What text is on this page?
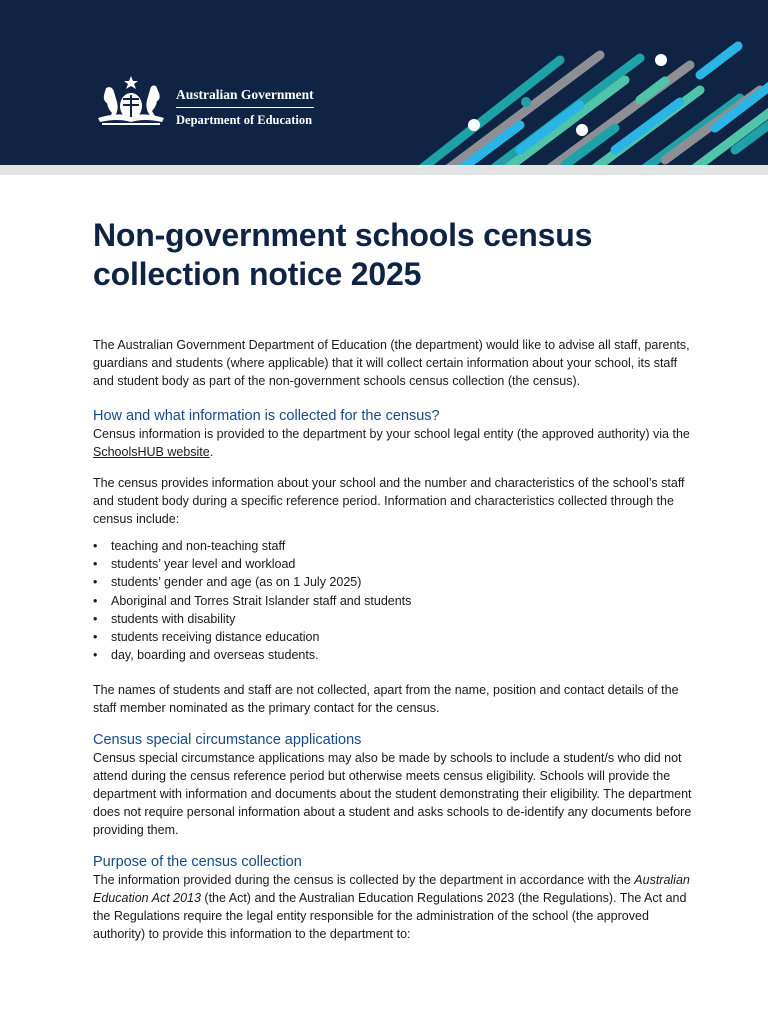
Australian Government
Department of Education
Non-government schools census collection notice 2025

The Australian Government Department of Education (the department) would like to advise all staff, parents, guardians and students (where applicable) that it will collect certain information about your school, its staff and student body as part of the non-government schools census collection (the census).

How and what information is collected for the census?

Census information is provided to the department by your school legal entity (the approved authority) via the SchoolsHUB website.

The census provides information about your school and the number and characteristics of the school’s staff and student body during a specific reference period. Information and characteristics collected through the census include:

• teaching and non-teaching staff
• students’ year level and workload
• students’ gender and age (as on 1 July 2025)
• Aboriginal and Torres Strait Islander staff and students
• students with disability
• students receiving distance education
• day, boarding and overseas students.

The names of students and staff are not collected, apart from the name, position and contact details of the staff member nominated as the primary contact for the census.

Census special circumstance applications

Census special circumstance applications may also be made by schools to include a student/s who did not attend during the census reference period but otherwise meets census eligibility. Schools will provide the department with information and documents about the student demonstrating their eligibility. The department does not require personal information about a student and asks schools to de-identify any documents before providing them.

Purpose of the census collection

The information provided during the census is collected by the department in accordance with the Australian Education Act 2013 (the Act) and the Australian Education Regulations 2023 (the Regulations). The Act and the Regulations require the legal entity responsible for the administration of the school (the approved authority) to provide this information to the department to:
